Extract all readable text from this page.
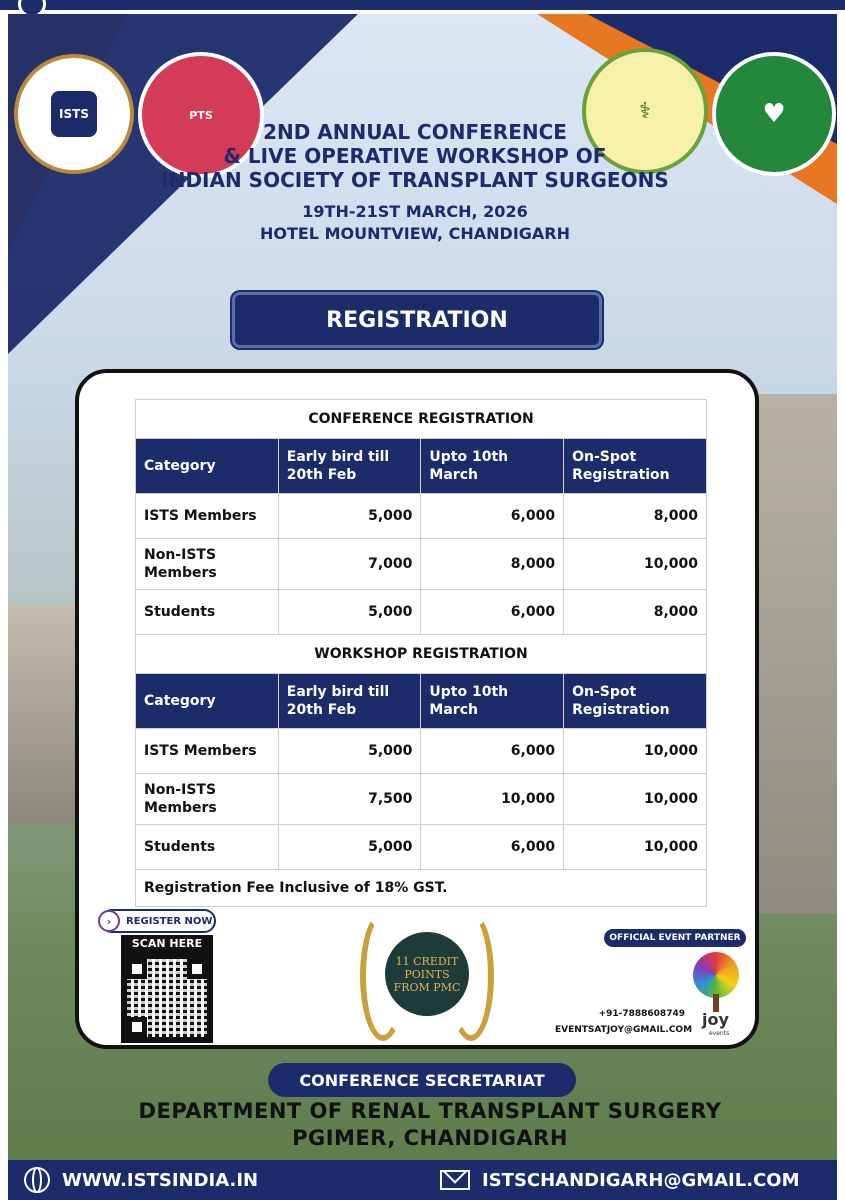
ISTS	PTS	⚕	♥
2ND ANNUAL CONFERENCE
& LIVE OPERATIVE WORKSHOP OF
INDIAN SOCIETY OF TRANSPLANT SURGEONS
19TH-21ST MARCH, 2026
HOTEL MOUNTVIEW, CHANDIGARH
REGISTRATION
CONFERENCE REGISTRATION			
Category	Early bird till 20th Feb	Upto 10th March	On-Spot Registration
ISTS Members	5,000	6,000	8,000
Non-ISTS Members	7,000	8,000	10,000
Students	5,000	6,000	8,000
WORKSHOP REGISTRATION			
Category	Early bird till 20th Feb	Upto 10th March	On-Spot Registration
ISTS Members	5,000	6,000	10,000
Non-ISTS Members	7,500	10,000	10,000
Students	5,000	6,000	10,000
Registration Fee Inclusive of 18% GST.			
›	REGISTER NOW
SCAN HERE
11 CREDIT POINTS FROM PMC
OFFICIAL EVENT PARTNER
joy
events
+91-7888608749
EVENTSATJOY@GMAIL.COM
CONFERENCE SECRETARIAT
DEPARTMENT OF RENAL TRANSPLANT SURGERY
PGIMER, CHANDIGARH
WWW.ISTSINDIA.IN	ISTSCHANDIGARH@GMAIL.COM
